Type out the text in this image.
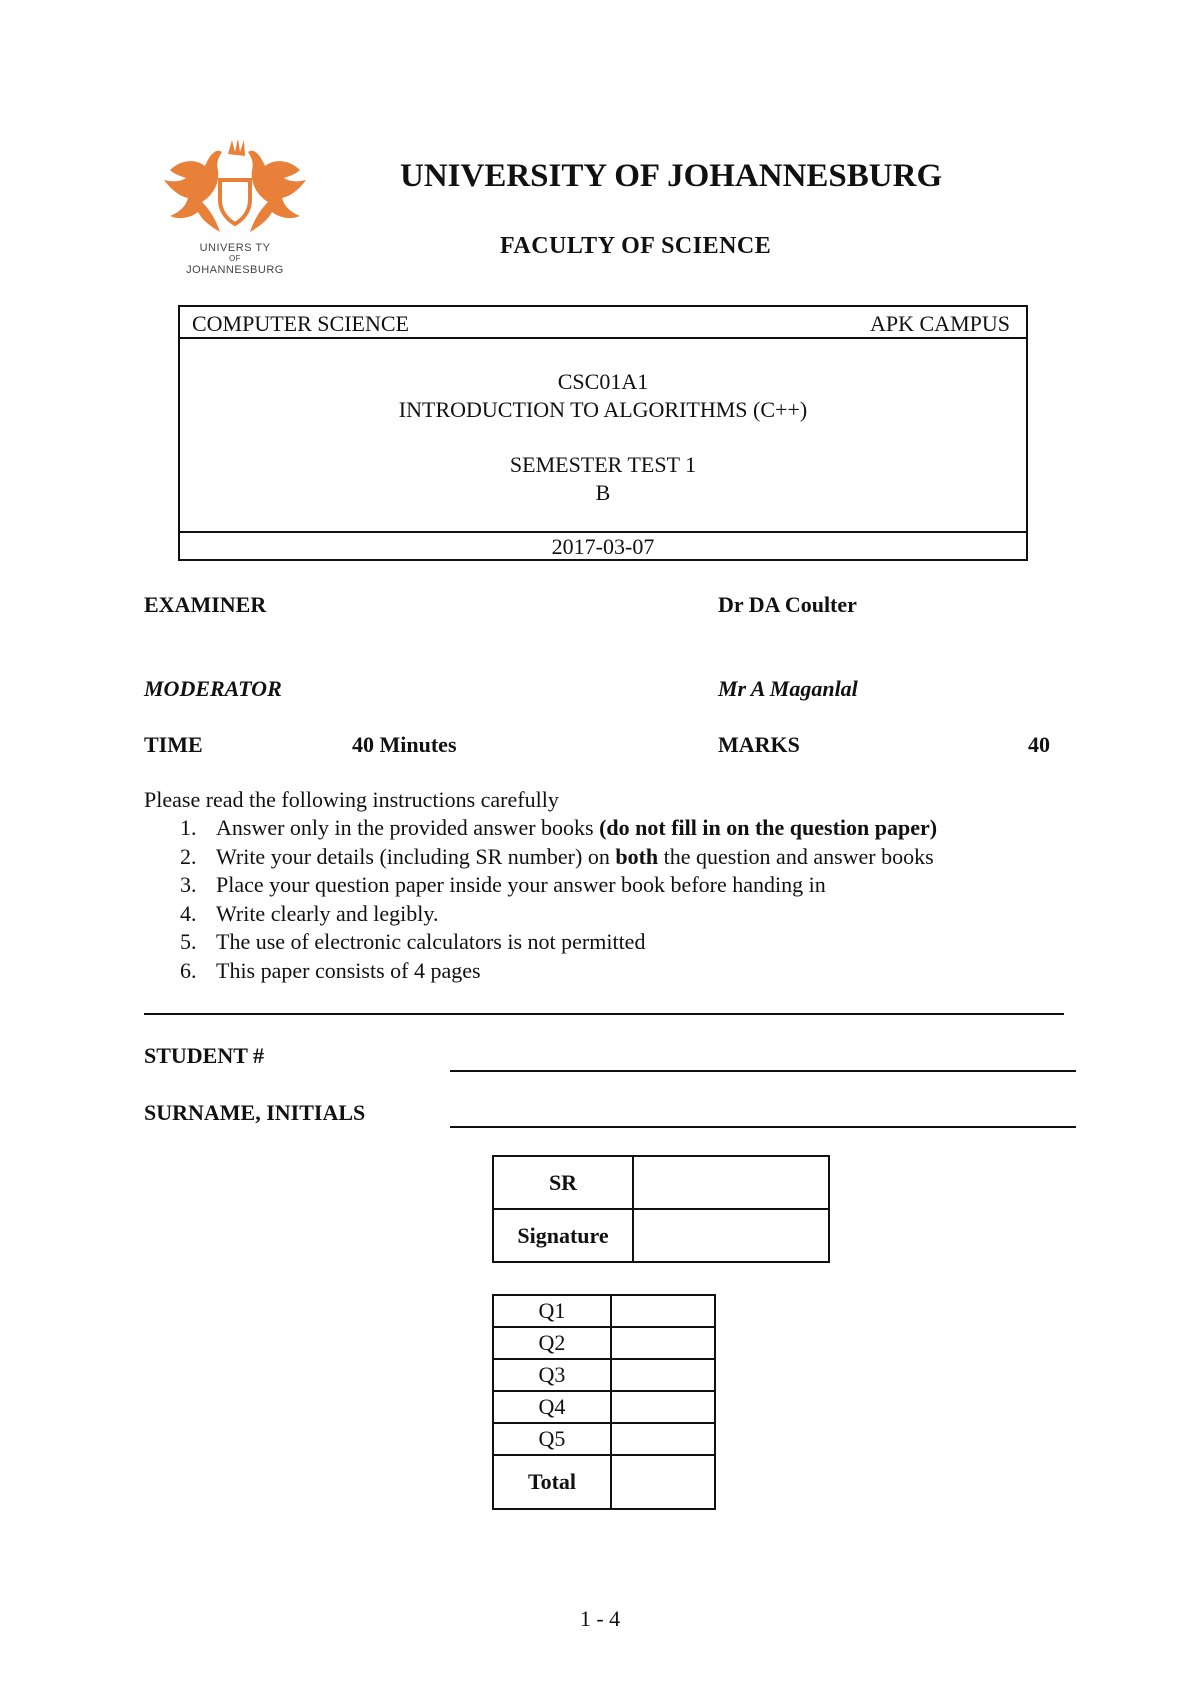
UNIVERS TY
OF
JOHANNESBURG
UNIVERSITY OF JOHANNESBURG
FACULTY OF SCIENCE
COMPUTER SCIENCE	APK CAMPUS
CSC01A1
INTRODUCTION TO ALGORITHMS (C++)
SEMESTER TEST 1
B
2017-03-07
EXAMINER	Dr DA Coulter
MODERATOR	Mr A Maganlal
TIME	40 Minutes	MARKS	40
Please read the following instructions carefully
1. Answer only in the provided answer books (do not fill in on the question paper)
2. Write your details (including SR number) on both the question and answer books
3. Place your question paper inside your answer book before handing in
4. Write clearly and legibly.
5. The use of electronic calculators is not permitted
6. This paper consists of 4 pages
STUDENT #
SURNAME, INITIALS
SR	
Signature	
Q1	
Q2	
Q3	
Q4	
Q5	
Total	
1 - 4
